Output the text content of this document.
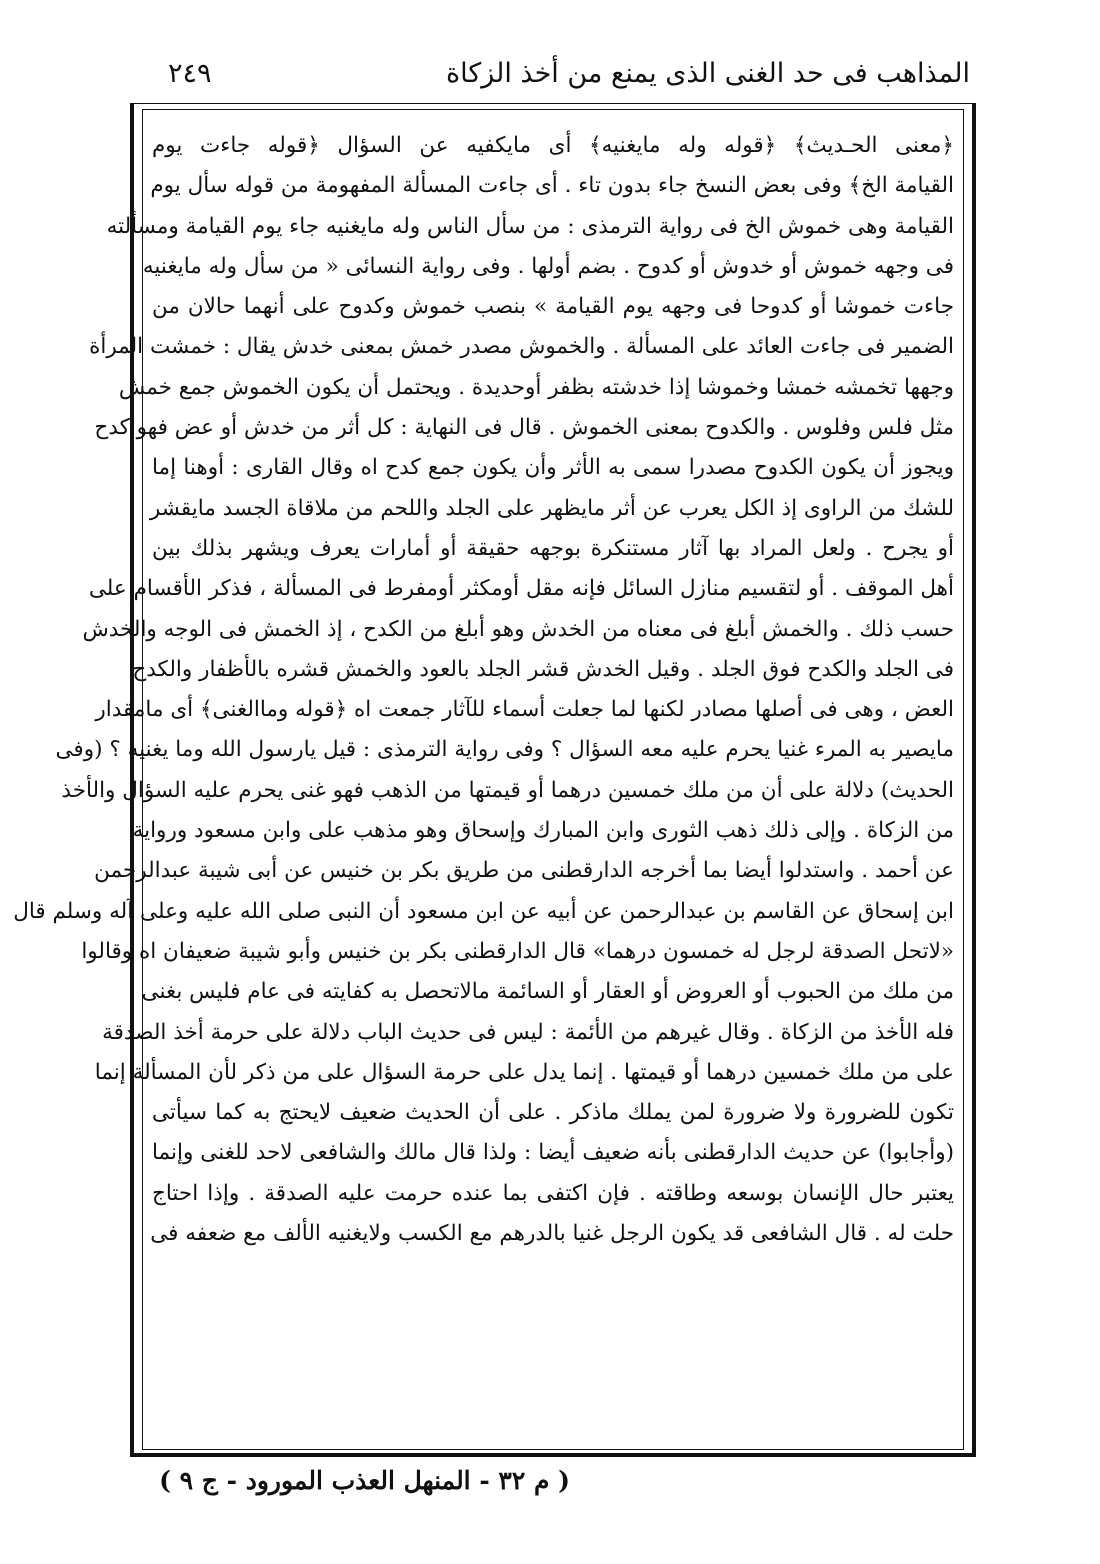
المذاهب فى حد الغنى الذى يمنع من أخذ الزكاة
٢٤٩
﴿معنى الحـديث﴾ ﴿قوله وله مايغنيه﴾ أى مايكفيه عن السؤال ﴿قوله جاءت يوم
القيامة الخ﴾ وفى بعض النسخ جاء بدون تاء . أى جاءت المسألة المفهومة من قوله سأل يوم
القيامة وهى خموش الخ فى رواية الترمذى : من سأل الناس وله مايغنيه جاء يوم القيامة ومسألته
فى وجهه خموش أو خدوش أو كدوح . بضم أولها . وفى رواية النسائى « من سأل وله مايغنيه
جاءت خموشا أو كدوحا فى وجهه يوم القيامة » بنصب خموش وكدوح على أنهما حالان من
الضمير فى جاءت العائد على المسألة . والخموش مصدر خمش بمعنى خدش يقال : خمشت المرأة
وجهها تخمشه خمشا وخموشا إذا خدشته بظفر أوحديدة . ويحتمل أن يكون الخموش جمع خمش
مثل فلس وفلوس . والكدوح بمعنى الخموش . قال فى النهاية : كل أثر من خدش أو عض فهو كدح
ويجوز أن يكون الكدوح مصدرا سمى به الأثر وأن يكون جمع كدح اه وقال القارى : أوهنا إما
للشك من الراوى إذ الكل يعرب عن أثر مايظهر على الجلد واللحم من ملاقاة الجسد مايقشر
أو يجرح . ولعل المراد بها آثار مستنكرة بوجهه حقيقة أو أمارات يعرف ويشهر بذلك بين
أهل الموقف . أو لتقسيم منازل السائل فإنه مقل أومكثر أومفرط فى المسألة ، فذكر الأقسام على
حسب ذلك . والخمش أبلغ فى معناه من الخدش وهو أبلغ من الكدح ، إذ الخمش فى الوجه والخدش
فى الجلد والكدح فوق الجلد . وقيل الخدش قشر الجلد بالعود والخمش قشره بالأظفار والكدح
العض ، وهى فى أصلها مصادر لكنها لما جعلت أسماء للآثار جمعت اه ﴿قوله وماالغنى﴾ أى مامقدار
مايصير به المرء غنيا يحرم عليه معه السؤال ؟ وفى رواية الترمذى : قيل يارسول الله وما يغنيه ؟ (وفى
الحديث) دلالة على أن من ملك خمسين درهما أو قيمتها من الذهب فهو غنى يحرم عليه السؤال والأخذ
من الزكاة . وإلى ذلك ذهب الثورى وابن المبارك وإسحاق وهو مذهب على وابن مسعود ورواية
عن أحمد . واستدلوا أيضا بما أخرجه الدارقطنى من طريق بكر بن خنيس عن أبى شيبة عبدالرحمن
ابن إسحاق عن القاسم بن عبدالرحمن عن أبيه عن ابن مسعود أن النبى صلى الله عليه وعلى آله وسلم قال
«لاتحل الصدقة لرجل له خمسون درهما» قال الدارقطنى بكر بن خنيس وأبو شيبة ضعيفان اه وقالوا
من ملك من الحبوب أو العروض أو العقار أو السائمة مالاتحصل به كفايته فى عام فليس بغنى
فله الأخذ من الزكاة . وقال غيرهم من الأئمة : ليس فى حديث الباب دلالة على حرمة أخذ الصدقة
على من ملك خمسين درهما أو قيمتها . إنما يدل على حرمة السؤال على من ذكر لأن المسألة إنما
تكون للضرورة ولا ضرورة لمن يملك ماذكر . على أن الحديث ضعيف لايحتج به كما سيأتى
(وأجابوا) عن حديث الدارقطنى بأنه ضعيف أيضا : ولذا قال مالك والشافعى لاحد للغنى وإنما
يعتبر حال الإنسان بوسعه وطاقته . فإن اكتفى بما عنده حرمت عليه الصدقة . وإذا احتاج
حلت له . قال الشافعى قد يكون الرجل غنيا بالدرهم مع الكسب ولايغنيه الألف مع ضعفه فى
( م ٣٢ - المنهل العذب المورود - ج ٩ )
